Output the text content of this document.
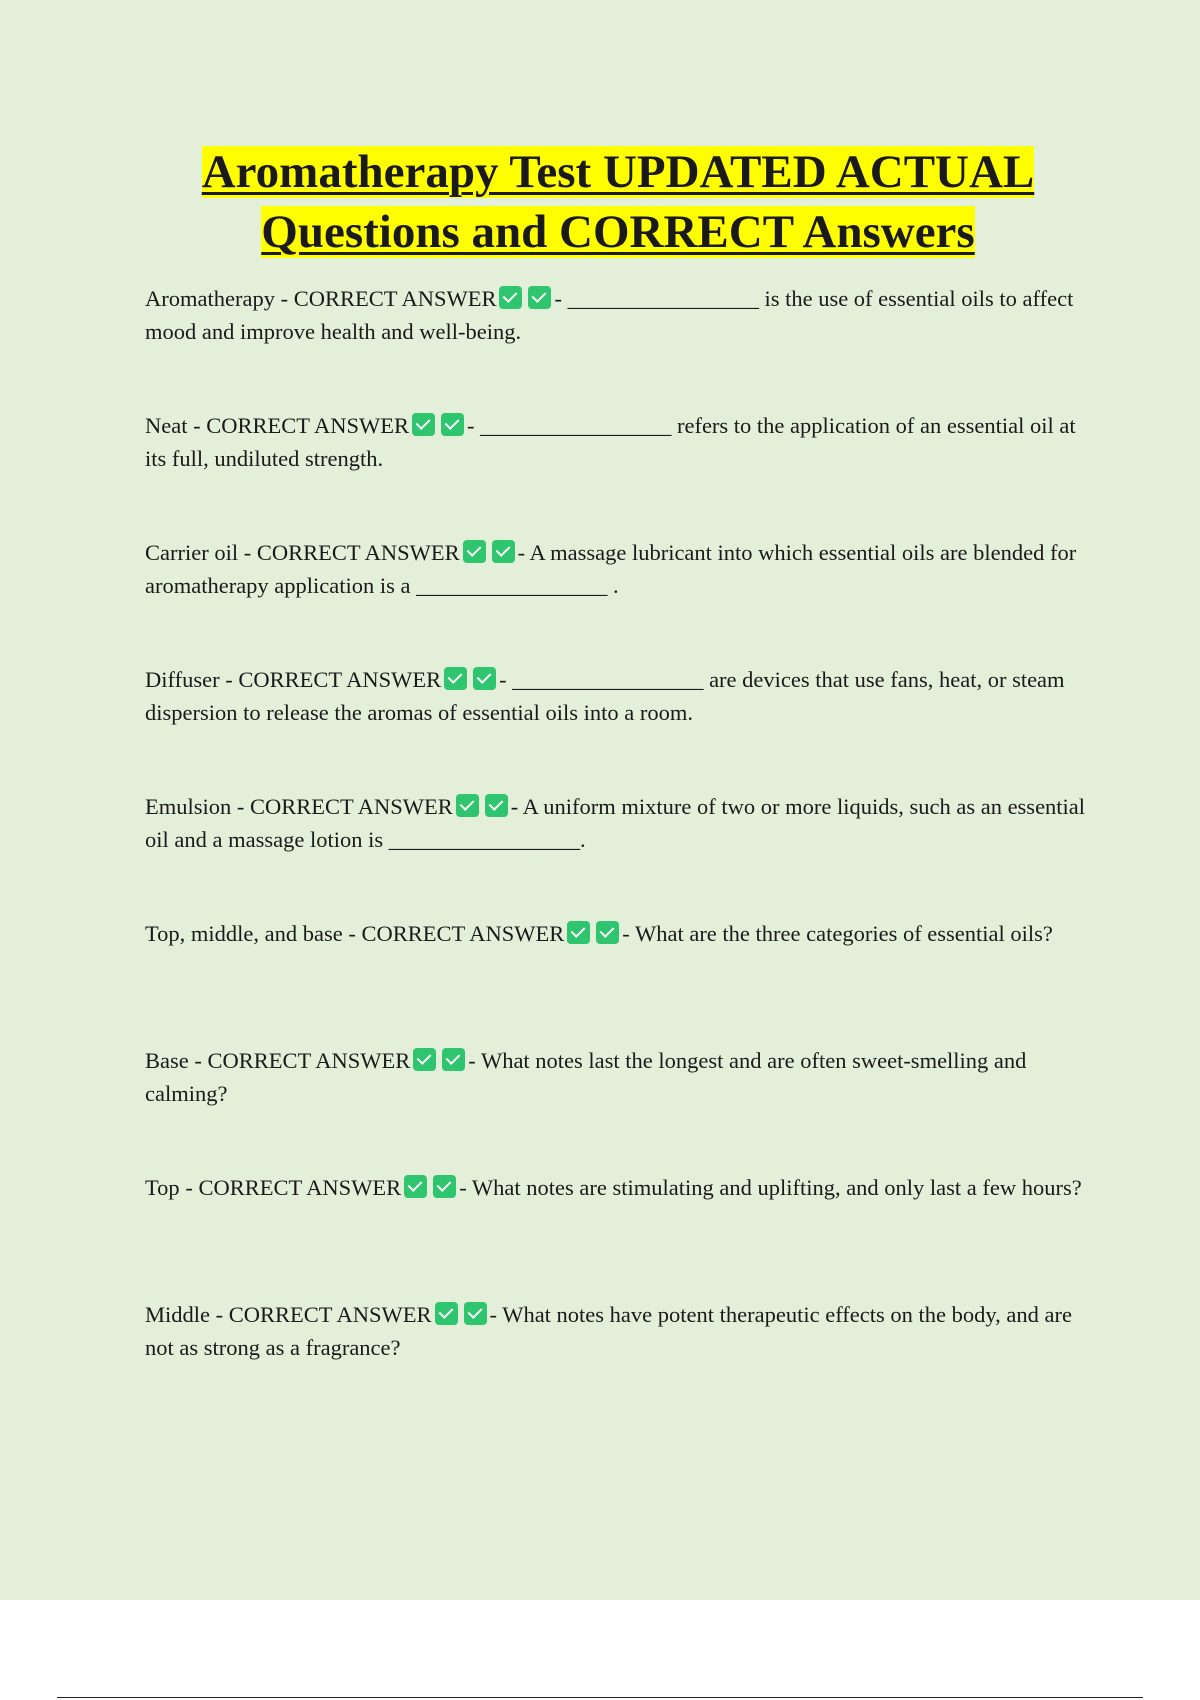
Aromatherapy Test UPDATED ACTUAL
Questions and CORRECT Answers
Aromatherapy - CORRECT ANSWER	- _________________ is the use of essential oils to affect mood and improve health and well-being.
Neat - CORRECT ANSWER	- _________________ refers to the application of an essential oil at its full, undiluted strength.
Carrier oil - CORRECT ANSWER	- A massage lubricant into which essential oils are blended for aromatherapy application is a _________________ .
Diffuser - CORRECT ANSWER	- _________________ are devices that use fans, heat, or steam dispersion to release the aromas of essential oils into a room.
Emulsion - CORRECT ANSWER	- A uniform mixture of two or more liquids, such as an essential oil and a massage lotion is _________________.
Top, middle, and base - CORRECT ANSWER	- What are the three categories of essential oils?
Base - CORRECT ANSWER	- What notes last the longest and are often sweet-smelling and calming?
Top - CORRECT ANSWER	- What notes are stimulating and uplifting, and only last a few hours?
Middle - CORRECT ANSWER	- What notes have potent therapeutic effects on the body, and are not as strong as a fragrance?
